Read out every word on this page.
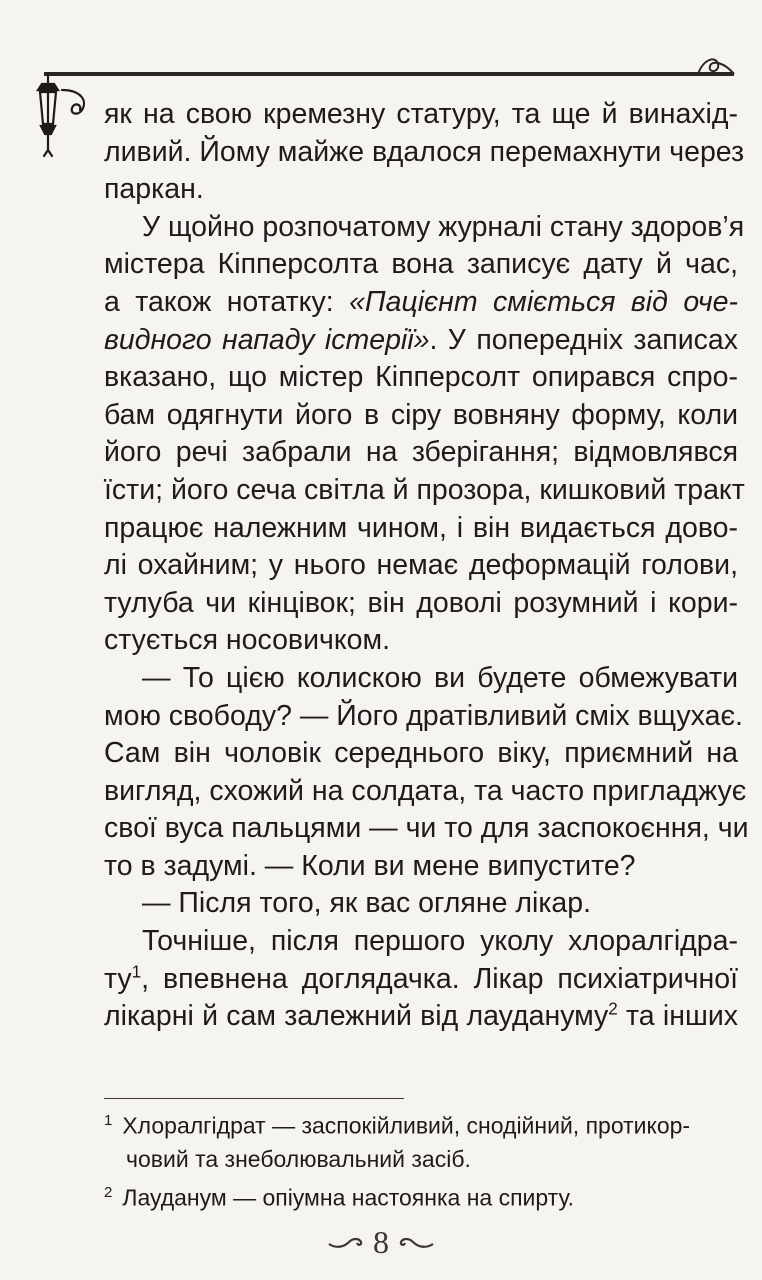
як на свою кремезну статуру, та ще й винахід-
ливий. Йому майже вдалося перемахнути через
паркан.
У щойно розпочатому журналі стану здоров’я
містера Кіпперсолта вона записує дату й час,
а також нотатку: «Пацієнт сміється від оче-
видного нападу істерії». У попередніх записах
вказано, що містер Кіпперсолт опирався спро-
бам одягнути його в сіру вовняну форму, коли
його речі забрали на зберігання; відмовлявся
їсти; його сеча світла й прозора, кишковий тракт
працює належним чином, і він видається дово-
лі охайним; у нього немає деформацій голови,
тулуба чи кінцівок; він доволі розумний і кори-
стується носовичком.
— То цією колискою ви будете обмежувати
мою свободу? — Його дратівливий сміх вщухає.
Сам він чоловік середнього віку, приємний на
вигляд, схожий на солдата, та часто пригладжує
свої вуса пальцями — чи то для заспокоєння, чи
то в задумі. — Коли ви мене випустите?
— Після того, як вас огляне лікар.
Точніше, після першого уколу хлоралгідра-
$ту^1$, впевнена доглядачка. Лікар психіатричної
лікарні й сам залежний від лаудануму$^2$ та інших
$^1$ Хлоралгідрат — заспокійливий, снодійний, протикор-
човий та знеболювальний засіб.
$^2$ Лауданум — опіумна настоянка на спирту.
8
